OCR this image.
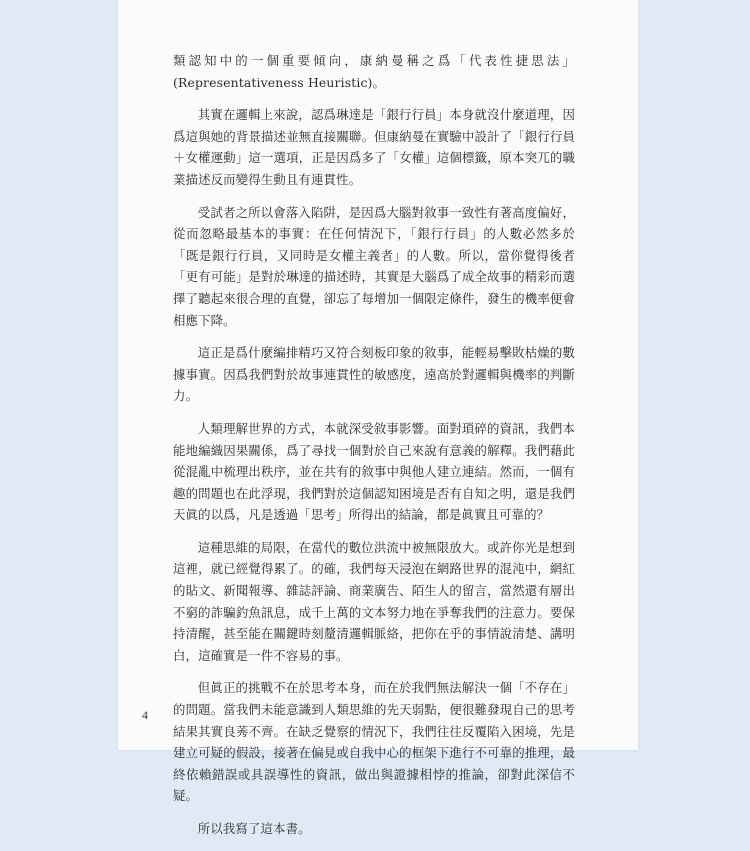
類認知中的一個重要傾向，康納曼稱之爲「代表性捷思法」(Representativeness Heuristic)。

其實在邏輯上來說，認爲琳達是「銀行行員」本身就沒什麼道理，因爲這與她的背景描述並無直接關聯。但康納曼在實驗中設計了「銀行行員＋女權運動」這一選項，正是因爲多了「女權」這個標籤，原本突兀的職業描述反而變得生動且有連貫性。

受試者之所以會落入陷阱，是因爲大腦對敘事一致性有著高度偏好，從而忽略最基本的事實：在任何情況下，「銀行行員」的人數必然多於「既是銀行行員，又同時是女權主義者」的人數。所以，當你覺得後者「更有可能」是對於琳達的描述時，其實是大腦爲了成全故事的精彩而選擇了聽起來很合理的直覺，卻忘了每增加一個限定條件，發生的機率便會相應下降。

這正是爲什麼編排精巧又符合刻板印象的敘事，能輕易擊敗枯燥的數據事實。因爲我們對於故事連貫性的敏感度，遠高於對邏輯與機率的判斷力。

人類理解世界的方式，本就深受敘事影響。面對瑣碎的資訊，我們本能地編織因果關係，爲了尋找一個對於自己來說有意義的解釋。我們藉此從混亂中梳理出秩序，並在共有的敘事中與他人建立連結。然而，一個有趣的問題也在此浮現，我們對於這個認知困境是否有自知之明，還是我們天眞的以爲，凡是透過「思考」所得出的結論，都是眞實且可靠的？

這種思維的局限，在當代的數位洪流中被無限放大。或許你光是想到這裡，就已經覺得累了。的確，我們每天浸泡在網路世界的混沌中，網紅的貼文、新聞報導、雜誌評論、商業廣告、陌生人的留言，當然還有層出不窮的詐騙釣魚訊息，成千上萬的文本努力地在爭奪我們的注意力。要保持清醒，甚至能在關鍵時刻釐清邏輯脈絡，把你在乎的事情說清楚、講明白，這確實是一件不容易的事。

但眞正的挑戰不在於思考本身，而在於我們無法解決一個「不存在」的問題。當我們未能意識到人類思維的先天弱點，便很難發現自己的思考結果其實良莠不齊。在缺乏覺察的情況下，我們往往反覆陷入困境，先是建立可疑的假設，接著在偏見或自我中心的框架下進行不可靠的推理，最終依賴錯誤或具誤導性的資訊，做出與證據相悖的推論，卻對此深信不疑。

所以我寫了這本書。

4
